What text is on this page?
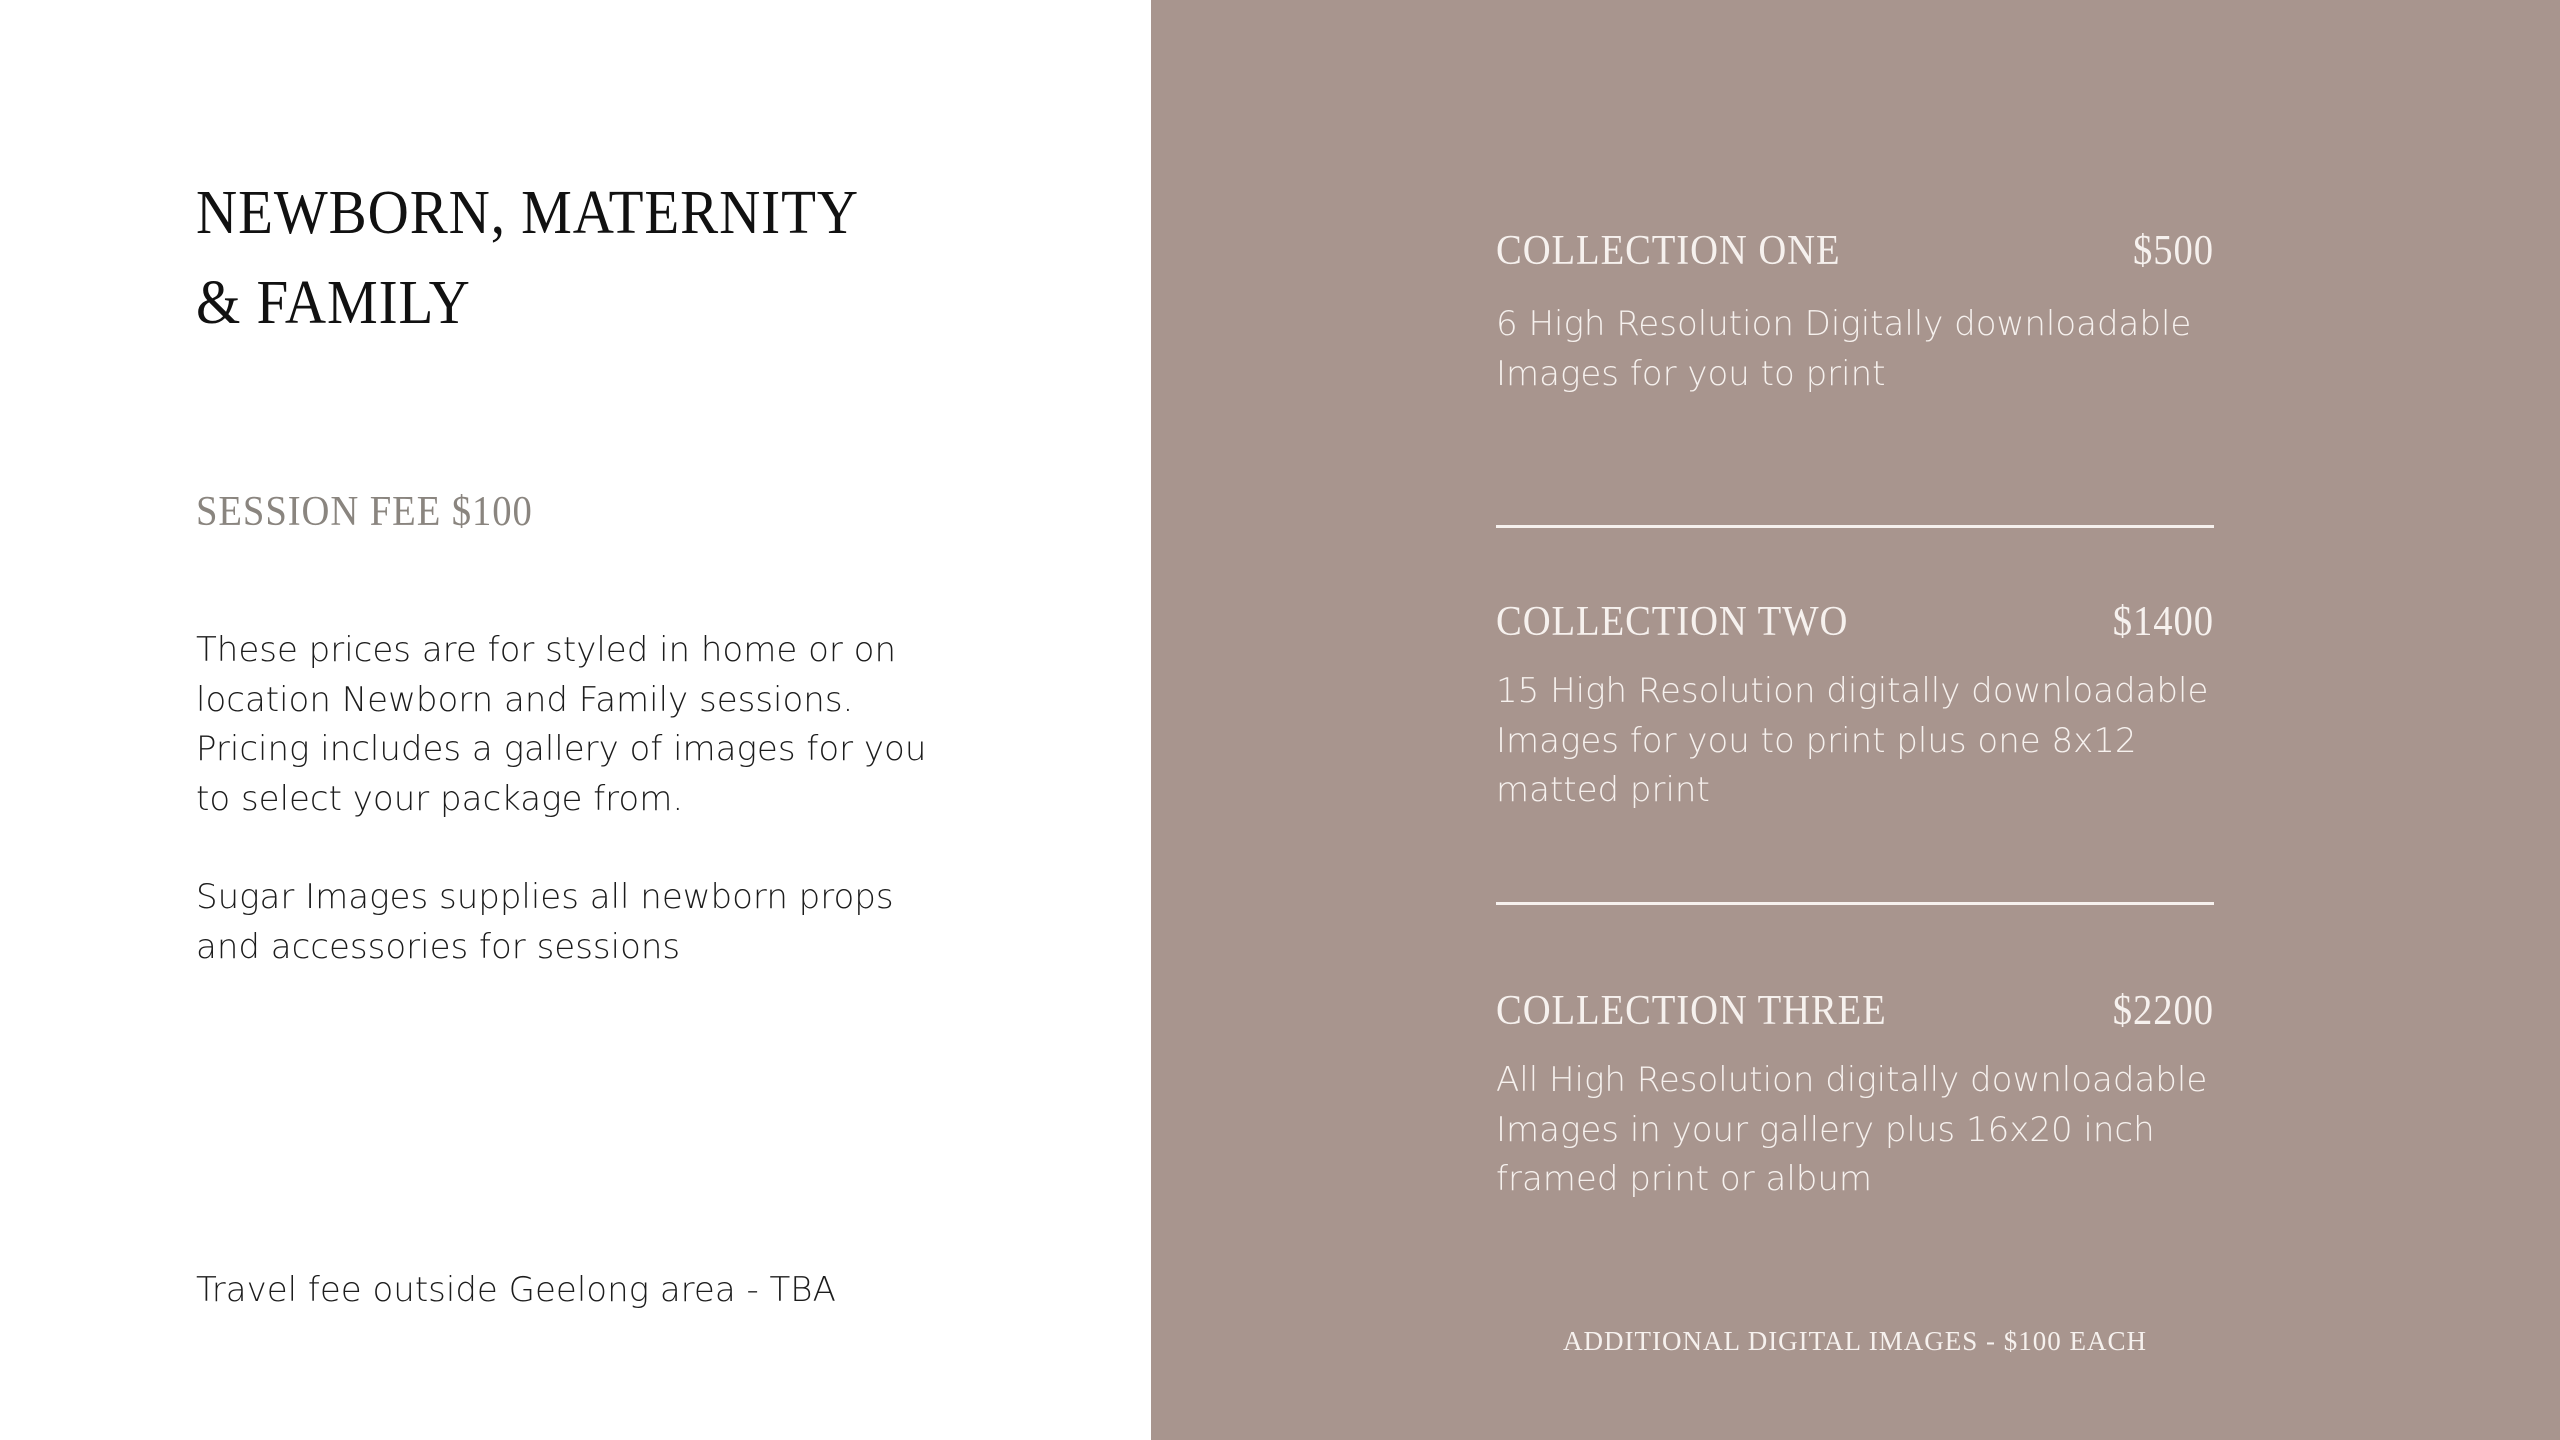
NEWBORN, MATERNITY & FAMILY
SESSION FEE $100

These prices are for styled in home or on location Newborn and Family sessions. Pricing includes a gallery of images for you to select your package from.

Sugar Images supplies all newborn props and accessories for sessions

Travel fee outside Geelong area - TBA

COLLECTION ONE	$500
6 High Resolution Digitally downloadable Images for you to print
COLLECTION TWO	$1400
15 High Resolution digitally downloadable Images for you to print plus one 8x12 matted print
COLLECTION THREE	$2200
All High Resolution digitally downloadable Images in your gallery plus 16x20 inch framed print or album
ADDITIONAL DIGITAL IMAGES - $100 EACH
